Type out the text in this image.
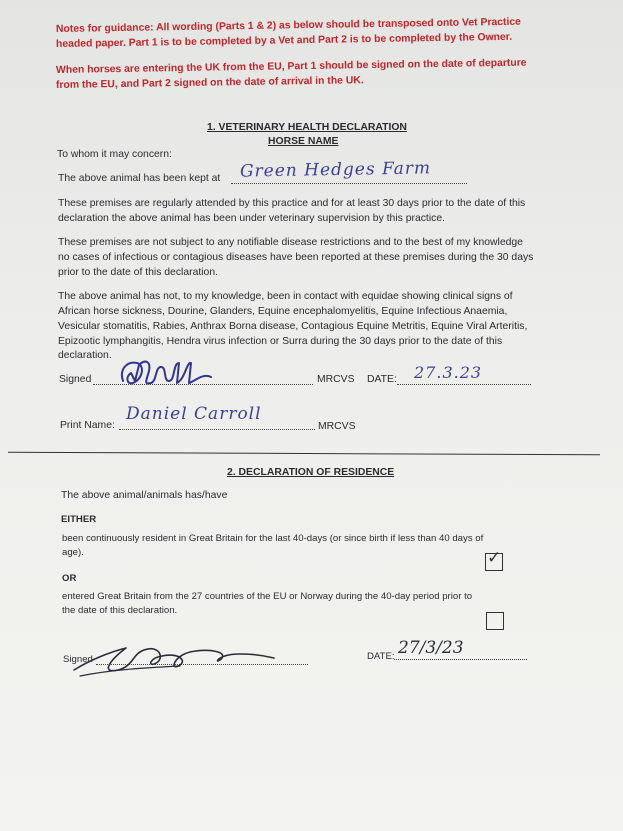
Notes for guidance: All wording (Parts 1 & 2) as below should be transposed onto Vet Practice
headed paper. Part 1 is to be completed by a Vet and Part 2 is to be completed by the Owner.
When horses are entering the UK from the EU, Part 1 should be signed on the date of departure
from the EU, and Part 2 signed on the date of arrival in the UK.
1. VETERINARY HEALTH DECLARATION
HORSE NAME
To whom it may concern:
The above animal has been kept at Green Hedges Farm
These premises are regularly attended by this practice and for at least 30 days prior to the date of this
declaration the above animal has been under veterinary supervision by this practice.
These premises are not subject to any notifiable disease restrictions and to the best of my knowledge
no cases of infectious or contagious diseases have been reported at these premises during the 30 days
prior to the date of this declaration.
The above animal has not, to my knowledge, been in contact with equidae showing clinical signs of
African horse sickness, Dourine, Glanders, Equine encephalomyelitis, Equine Infectious Anaemia,
Vesicular stomatitis, Rabies, Anthrax Borna disease, Contagious Equine Metritis, Equine Viral Arteritis,
Epizootic lymphangitis, Hendra virus infection or Surra during the 30 days prior to the date of this
declaration.
Signed	MRCVS DATE: 27.3.23
Print Name:
Daniel Carroll
MRCVS
2. DECLARATION OF RESIDENCE
The above animal/animals has/have
EITHER
been continuously resident in Great Britain for the last 40-days (or since birth if less than 40 days of
age).	✓
OR
entered Great Britain from the 27 countries of the EU or Norway during the 40-day period prior to
the date of this declaration.
Signed	DATE: 27/3/23
